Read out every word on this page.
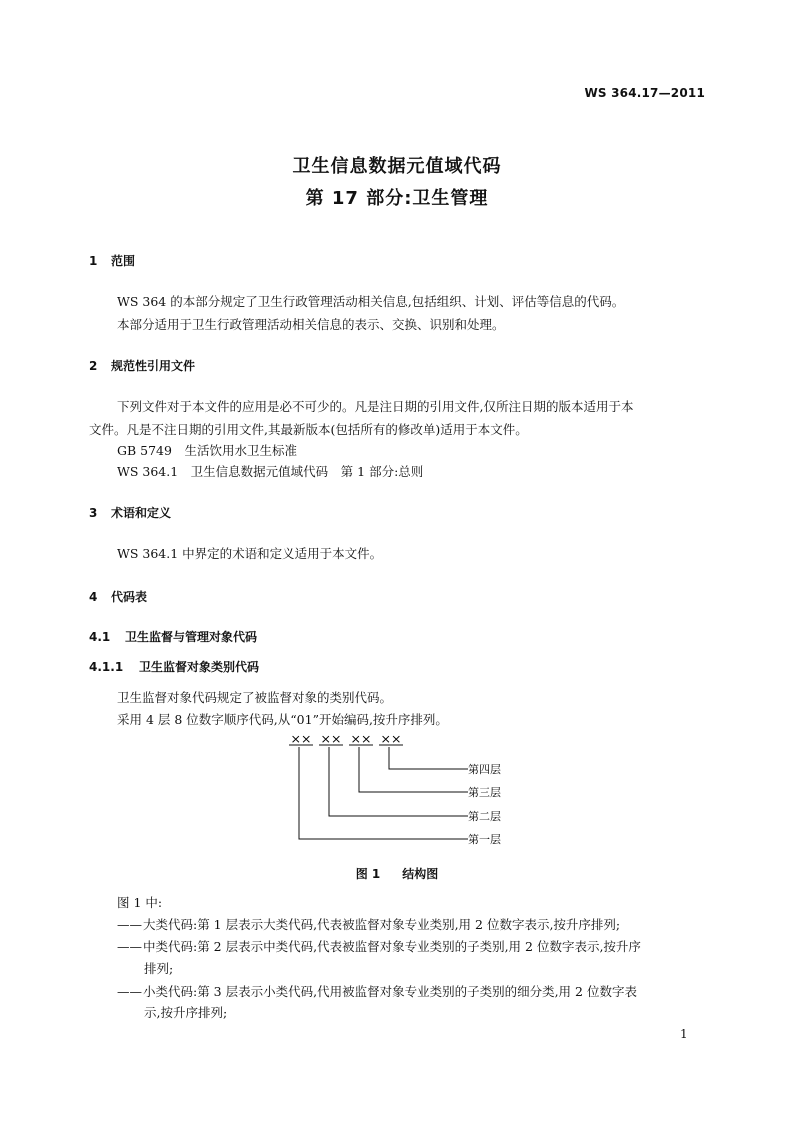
WS 364.17—2011
卫生信息数据元值域代码
第 17 部分:卫生管理
1 范围
WS 364 的本部分规定了卫生行政管理活动相关信息,包括组织、计划、评估等信息的代码。
本部分适用于卫生行政管理活动相关信息的表示、交换、识别和处理。
2 规范性引用文件
下列文件对于本文件的应用是必不可少的。凡是注日期的引用文件,仅所注日期的版本适用于本
文件。凡是不注日期的引用文件,其最新版本(包括所有的修改单)适用于本文件。
GB 5749　生活饮用水卫生标准
WS 364.1　卫生信息数据元值域代码　第 1 部分:总则
3 术语和定义
WS 364.1 中界定的术语和定义适用于本文件。
4 代码表
4.1 卫生监督与管理对象代码
4.1.1 卫生监督对象类别代码
卫生监督对象代码规定了被监督对象的类别代码。
采用 4 层 8 位数字顺序代码,从“01”开始编码,按升序排列。
×× ×× ×× ××
第四层
第三层
第二层
第一层
图 1 结构图
图 1 中:
——大类代码:第 1 层表示大类代码,代表被监督对象专业类别,用 2 位数字表示,按升序排列;
——中类代码:第 2 层表示中类代码,代表被监督对象专业类别的子类别,用 2 位数字表示,按升序
排列;
——小类代码:第 3 层表示小类代码,代用被监督对象专业类别的子类别的细分类,用 2 位数字表
示,按升序排列;
1
